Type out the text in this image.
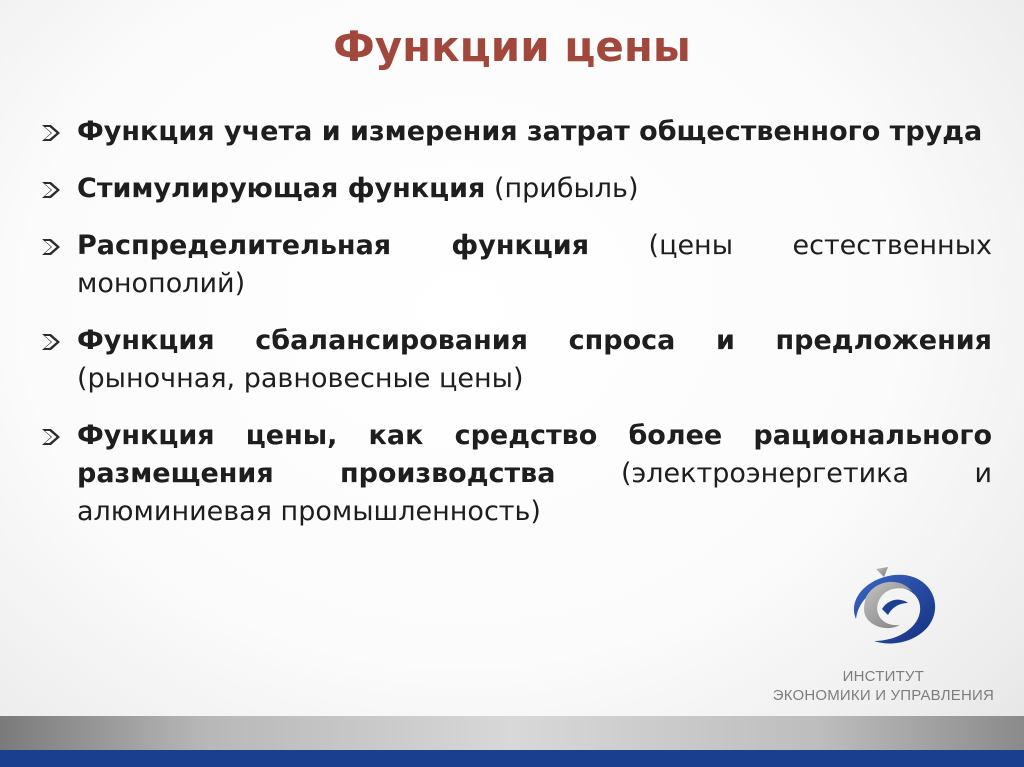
Функции цены
Функция учета и измерения затрат общественного труда
Стимулирующая функция (прибыль)
Распределительная функция (цены естественных монополий)
Функция сбалансирования спроса и предложения (рыночная, равновесные цены)
Функция цены, как средство более рационального размещения производства (электроэнергетика и алюминиевая промышленность)
ИНСТИТУТ
ЭКОНОМИКИ И УПРАВЛЕНИЯ
